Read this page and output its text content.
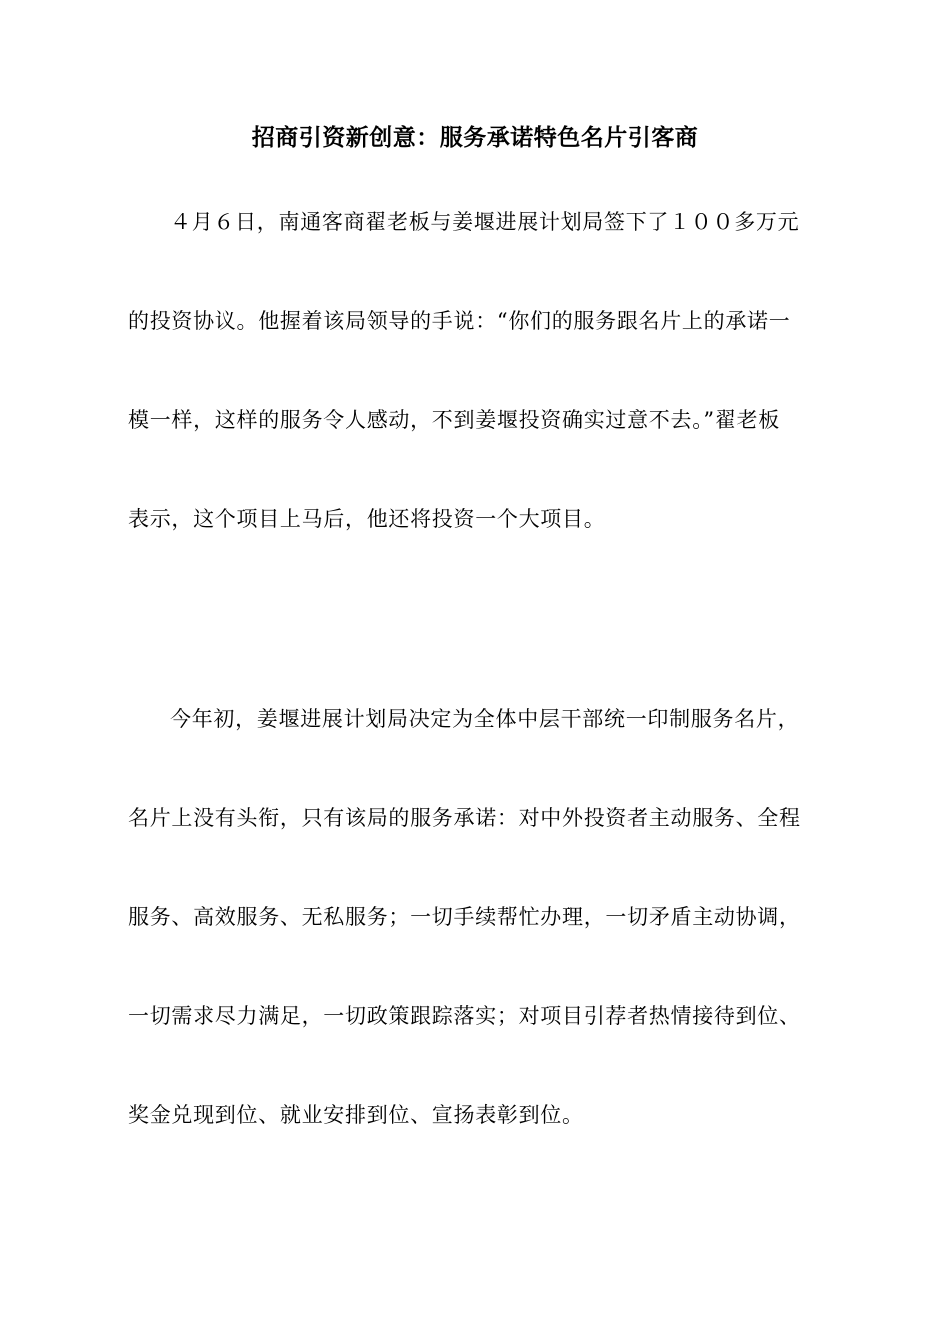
招商引资新创意：服务承诺特色名片引客商

４月６日，南通客商翟老板与姜堰进展计划局签下了１００多万元

的投资协议。他握着该局领导的手说：“你们的服务跟名片上的承诺一

模一样，这样的服务令人感动，不到姜堰投资确实过意不去。”翟老板

表示，这个项目上马后，他还将投资一个大项目。

今年初，姜堰进展计划局决定为全体中层干部统一印制服务名片，

名片上没有头衔，只有该局的服务承诺：对中外投资者主动服务、全程

服务、高效服务、无私服务；一切手续帮忙办理，一切矛盾主动协调，

一切需求尽力满足，一切政策跟踪落实；对项目引荐者热情接待到位、

奖金兑现到位、就业安排到位、宣扬表彰到位。
